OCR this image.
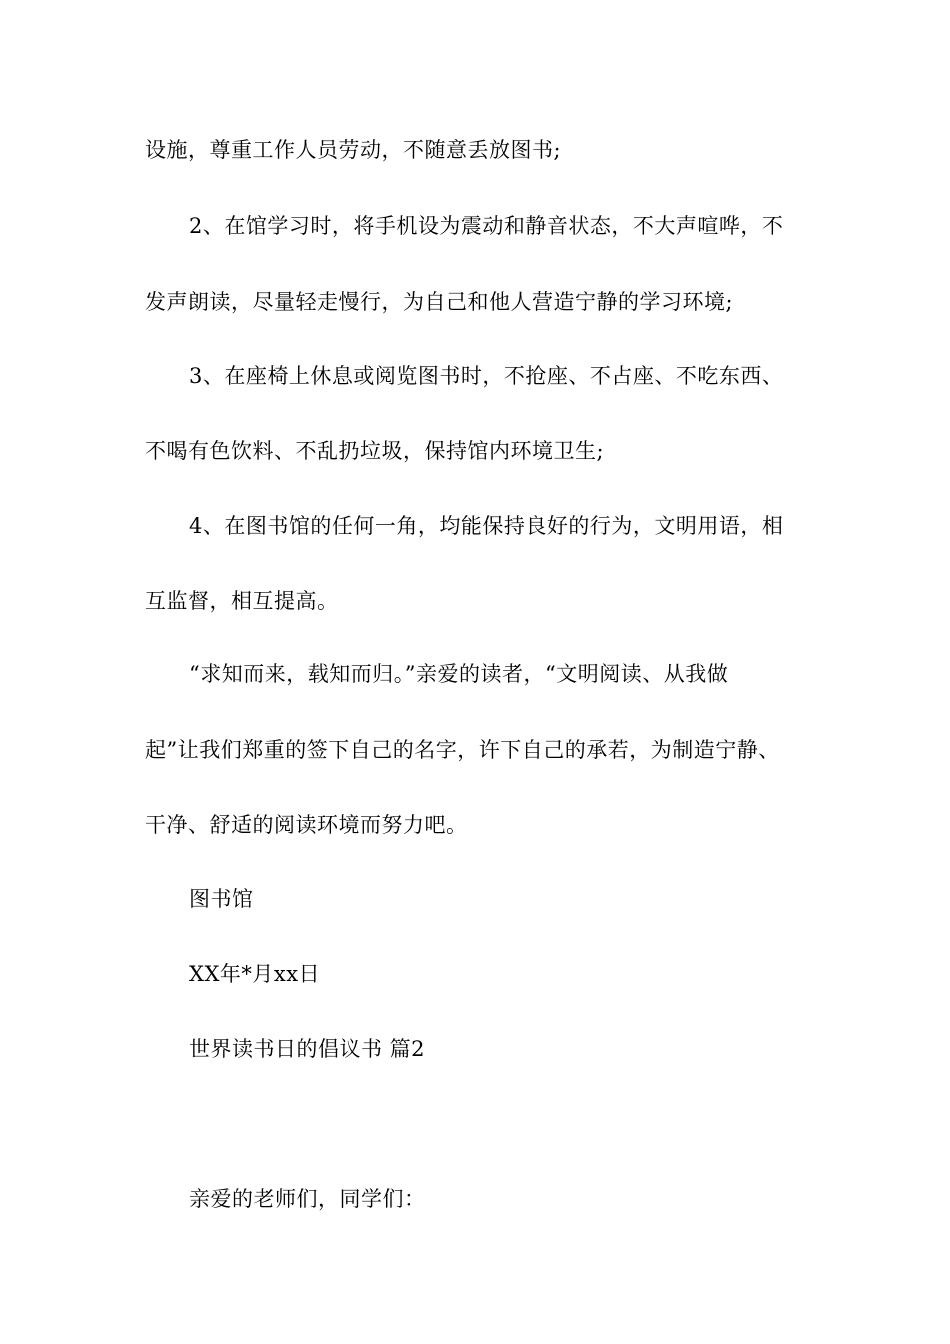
设施，尊重工作人员劳动，不随意丢放图书;
2、在馆学习时，将手机设为震动和静音状态，不大声喧哗，不
发声朗读，尽量轻走慢行，为自己和他人营造宁静的学习环境;
3、在座椅上休息或阅览图书时，不抢座、不占座、不吃东西、
不喝有色饮料、不乱扔垃圾，保持馆内环境卫生;
4、在图书馆的任何一角，均能保持良好的行为，文明用语，相
互监督，相互提高。
“求知而来，载知而归。”亲爱的读者，“文明阅读、从我做
起”让我们郑重的签下自己的名字，许下自己的承若，为制造宁静、
干净、舒适的阅读环境而努力吧。
图书馆
XX年*月xx日
世界读书日的倡议书 篇2
亲爱的老师们，同学们：
